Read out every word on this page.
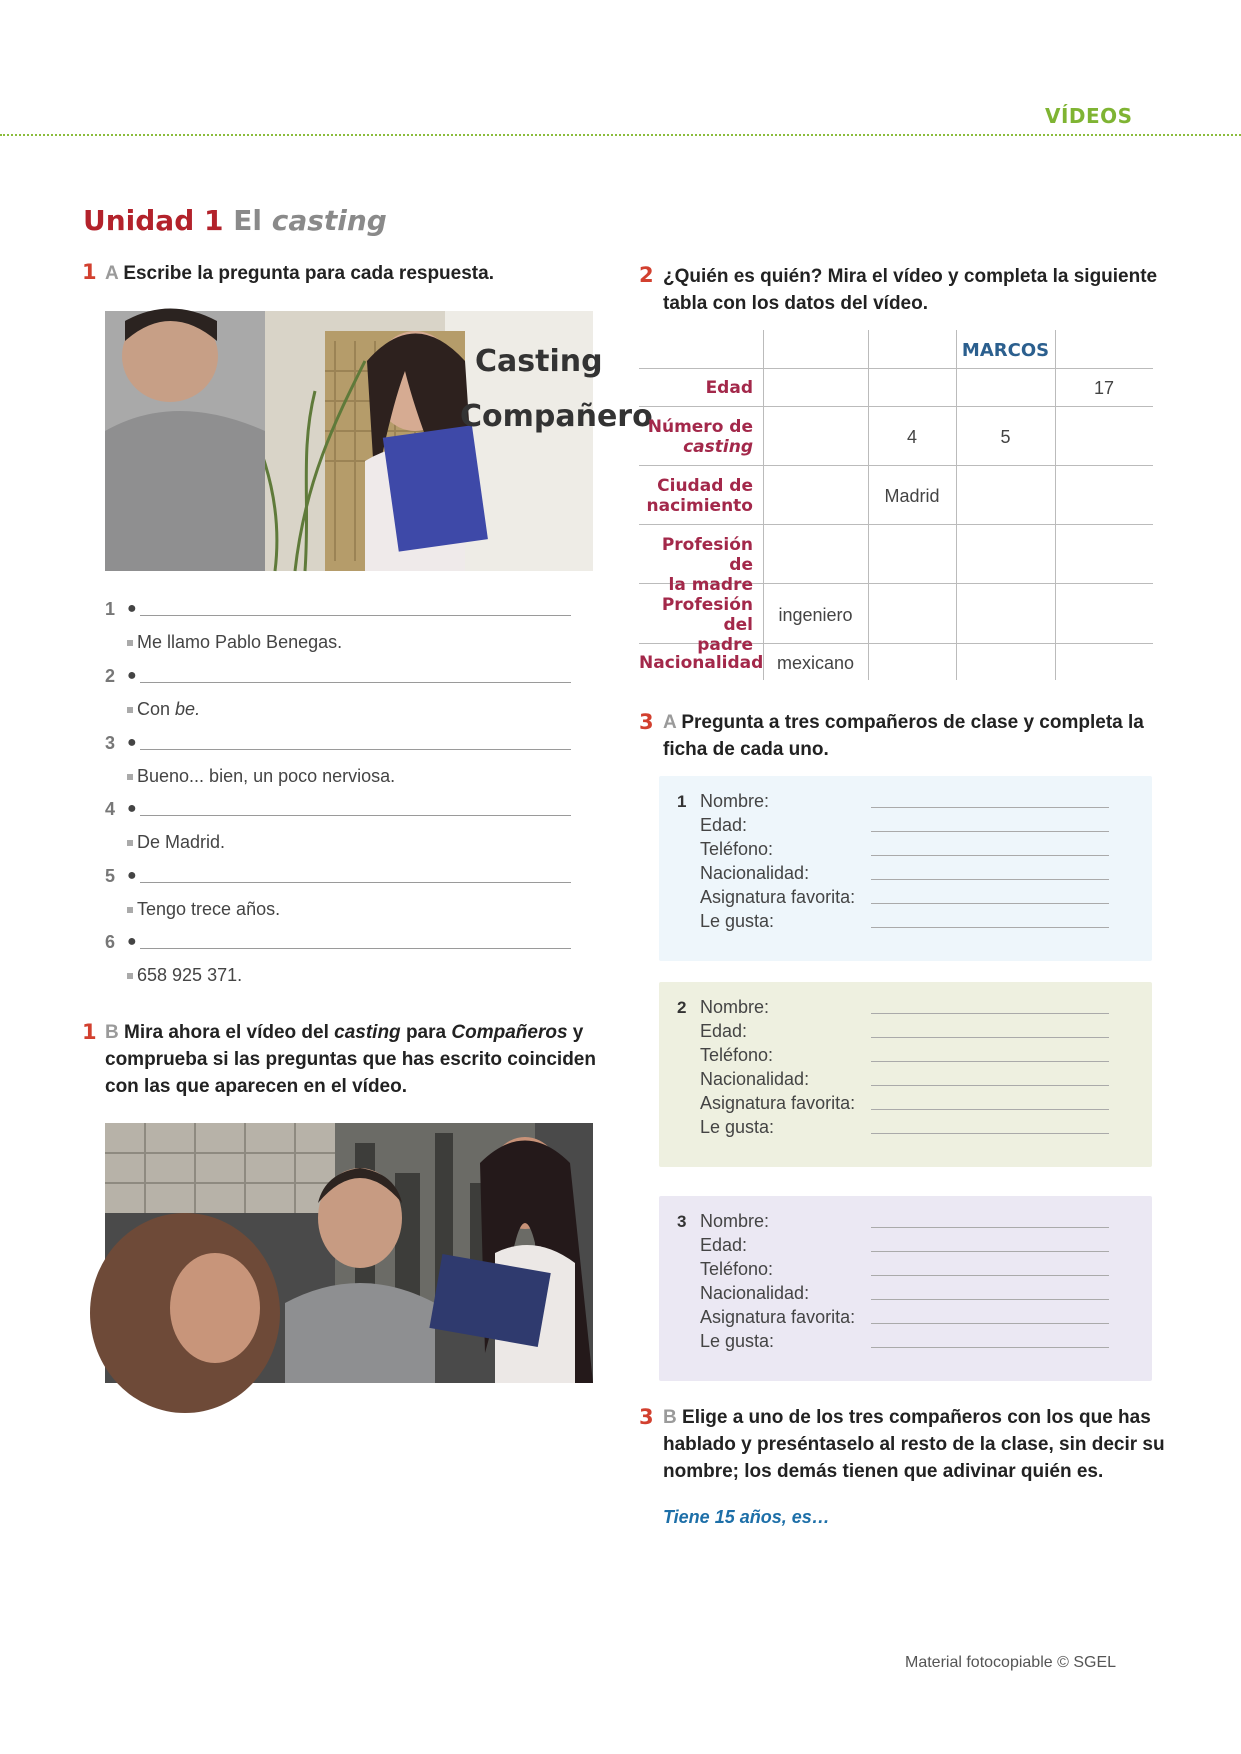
VÍDEOS
Unidad 1 El casting
1 A Escribe la pregunta para cada respuesta.
Casting
Compañero
1 ●
Me llamo Pablo Benegas.
2 ●
Con be.
3 ●
Bueno... bien, un poco nerviosa.
4 ●
De Madrid.
5 ●
Tengo trece años.
6 ●
658 925 371.
1 B Mira ahora el vídeo del casting para Compañeros y
comprueba si las preguntas que has escrito coinciden
con las que aparecen en el vídeo.
2 ¿Quién es quién? Mira el vídeo y completa la siguiente
tabla con los datos del vídeo.
MARCOS
Edad
Número de
casting
Ciudad de
nacimiento
Profesión de
la madre
Profesión del
padre
Nacionalidad
17
4	5
Madrid
ingeniero
mexicano
3 A Pregunta a tres compañeros de clase y completa la
ficha de cada uno.
1 Nombre:
Edad:
Teléfono:
Nacionalidad:
Asignatura favorita:
Le gusta:
2 Nombre:
Edad:
Teléfono:
Nacionalidad:
Asignatura favorita:
Le gusta:
3 Nombre:
Edad:
Teléfono:
Nacionalidad:
Asignatura favorita:
Le gusta:
3 B Elige a uno de los tres compañeros con los que has
hablado y preséntaselo al resto de la clase, sin decir su
nombre; los demás tienen que adivinar quién es.
Tiene 15 años, es…
Material fotocopiable © SGEL
